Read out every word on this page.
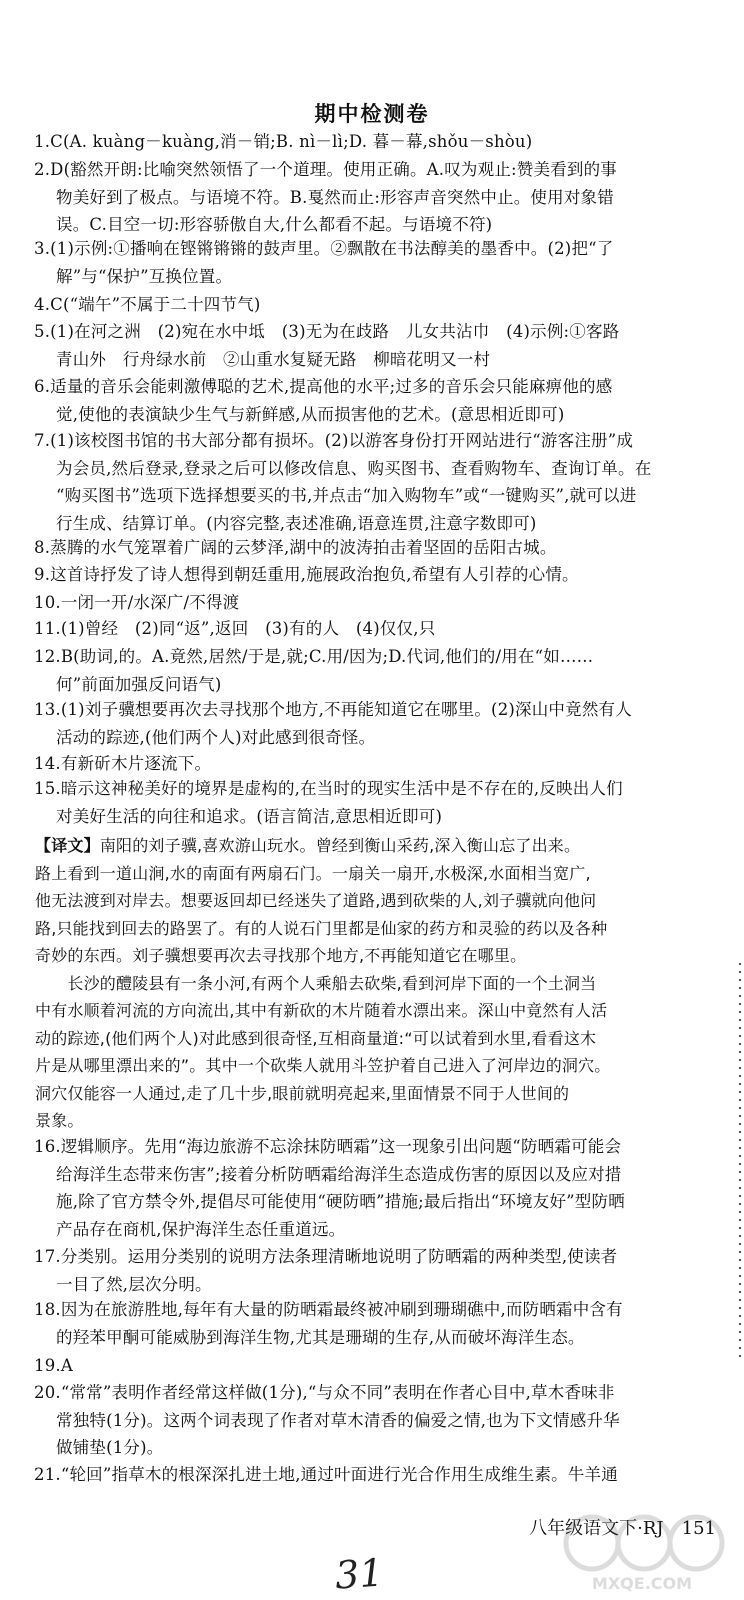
期中检测卷
1.C(A. kuàng－kuàng,消－销;B. nì－lì;D. 暮－幕,shǒu－shòu)
2.D(豁然开朗:比喻突然领悟了一个道理。使用正确。A.叹为观止:赞美看到的事
物美好到了极点。与语境不符。B.戛然而止:形容声音突然中止。使用对象错
误。C.目空一切:形容骄傲自大,什么都看不起。与语境不符)
3.(1)示例:①播响在铿锵锵锵的鼓声里。②飘散在书法醇美的墨香中。(2)把“了
解”与“保护”互换位置。
4.C(“端午”不属于二十四节气)
5.(1)在河之洲　(2)宛在水中坻　(3)无为在歧路　儿女共沾巾　(4)示例:①客路
青山外　行舟绿水前　②山重水复疑无路　柳暗花明又一村
6.适量的音乐会能刺激傅聪的艺术,提高他的水平;过多的音乐会只能麻痹他的感
觉,使他的表演缺少生气与新鲜感,从而损害他的艺术。(意思相近即可)
7.(1)该校图书馆的书大部分都有损坏。(2)以游客身份打开网站进行“游客注册”成
为会员,然后登录,登录之后可以修改信息、购买图书、查看购物车、查询订单。在
“购买图书”选项下选择想要买的书,并点击“加入购物车”或“一键购买”,就可以进
行生成、结算订单。(内容完整,表述准确,语意连贯,注意字数即可)
8.蒸腾的水气笼罩着广阔的云梦泽,湖中的波涛拍击着坚固的岳阳古城。
9.这首诗抒发了诗人想得到朝廷重用,施展政治抱负,希望有人引荐的心情。
10.一闭一开/水深广/不得渡
11.(1)曾经　(2)同“返”,返回　(3)有的人　(4)仅仅,只
12.B(助词,的。A.竟然,居然/于是,就;C.用/因为;D.代词,他们的/用在“如……
何”前面加强反问语气)
13.(1)刘子骥想要再次去寻找那个地方,不再能知道它在哪里。(2)深山中竟然有人
活动的踪迹,(他们两个人)对此感到很奇怪。
14.有新斫木片逐流下。
15.暗示这神秘美好的境界是虚构的,在当时的现实生活中是不存在的,反映出人们
对美好生活的向往和追求。(语言简洁,意思相近即可)
【译文】南阳的刘子骥,喜欢游山玩水。曾经到衡山采药,深入衡山忘了出来。
路上看到一道山涧,水的南面有两扇石门。一扇关一扇开,水极深,水面相当宽广,
他无法渡到对岸去。想要返回却已经迷失了道路,遇到砍柴的人,刘子骥就向他问
路,只能找到回去的路罢了。有的人说石门里都是仙家的药方和灵验的药以及各种
奇妙的东西。刘子骥想要再次去寻找那个地方,不再能知道它在哪里。
　　长沙的醴陵县有一条小河,有两个人乘船去砍柴,看到河岸下面的一个土洞当
中有水顺着河流的方向流出,其中有新砍的木片随着水漂出来。深山中竟然有人活
动的踪迹,(他们两个人)对此感到很奇怪,互相商量道:“可以试着到水里,看看这木
片是从哪里漂出来的”。其中一个砍柴人就用斗笠护着自己进入了河岸边的洞穴。
洞穴仅能容一人通过,走了几十步,眼前就明亮起来,里面情景不同于人世间的
景象。
16.逻辑顺序。先用“海边旅游不忘涂抹防晒霜”这一现象引出问题“防晒霜可能会
给海洋生态带来伤害”;接着分析防晒霜给海洋生态造成伤害的原因以及应对措
施,除了官方禁令外,提倡尽可能使用“硬防晒”措施;最后指出“环境友好”型防晒
产品存在商机,保护海洋生态任重道远。
17.分类别。运用分类别的说明方法条理清晰地说明了防晒霜的两种类型,使读者
一目了然,层次分明。
18.因为在旅游胜地,每年有大量的防晒霜最终被冲刷到珊瑚礁中,而防晒霜中含有
的羟苯甲酮可能威胁到海洋生物,尤其是珊瑚的生存,从而破坏海洋生态。
19.A
20.“常常”表明作者经常这样做(1分),“与众不同”表明在作者心目中,草木香味非
常独特(1分)。这两个词表现了作者对草木清香的偏爱之情,也为下文情感升华
做铺垫(1分)。
21.“轮回”指草木的根深深扎进土地,通过叶面进行光合作用生成维生素。牛羊通
八年级语文下·RJ　151
31	MXQE.COM
